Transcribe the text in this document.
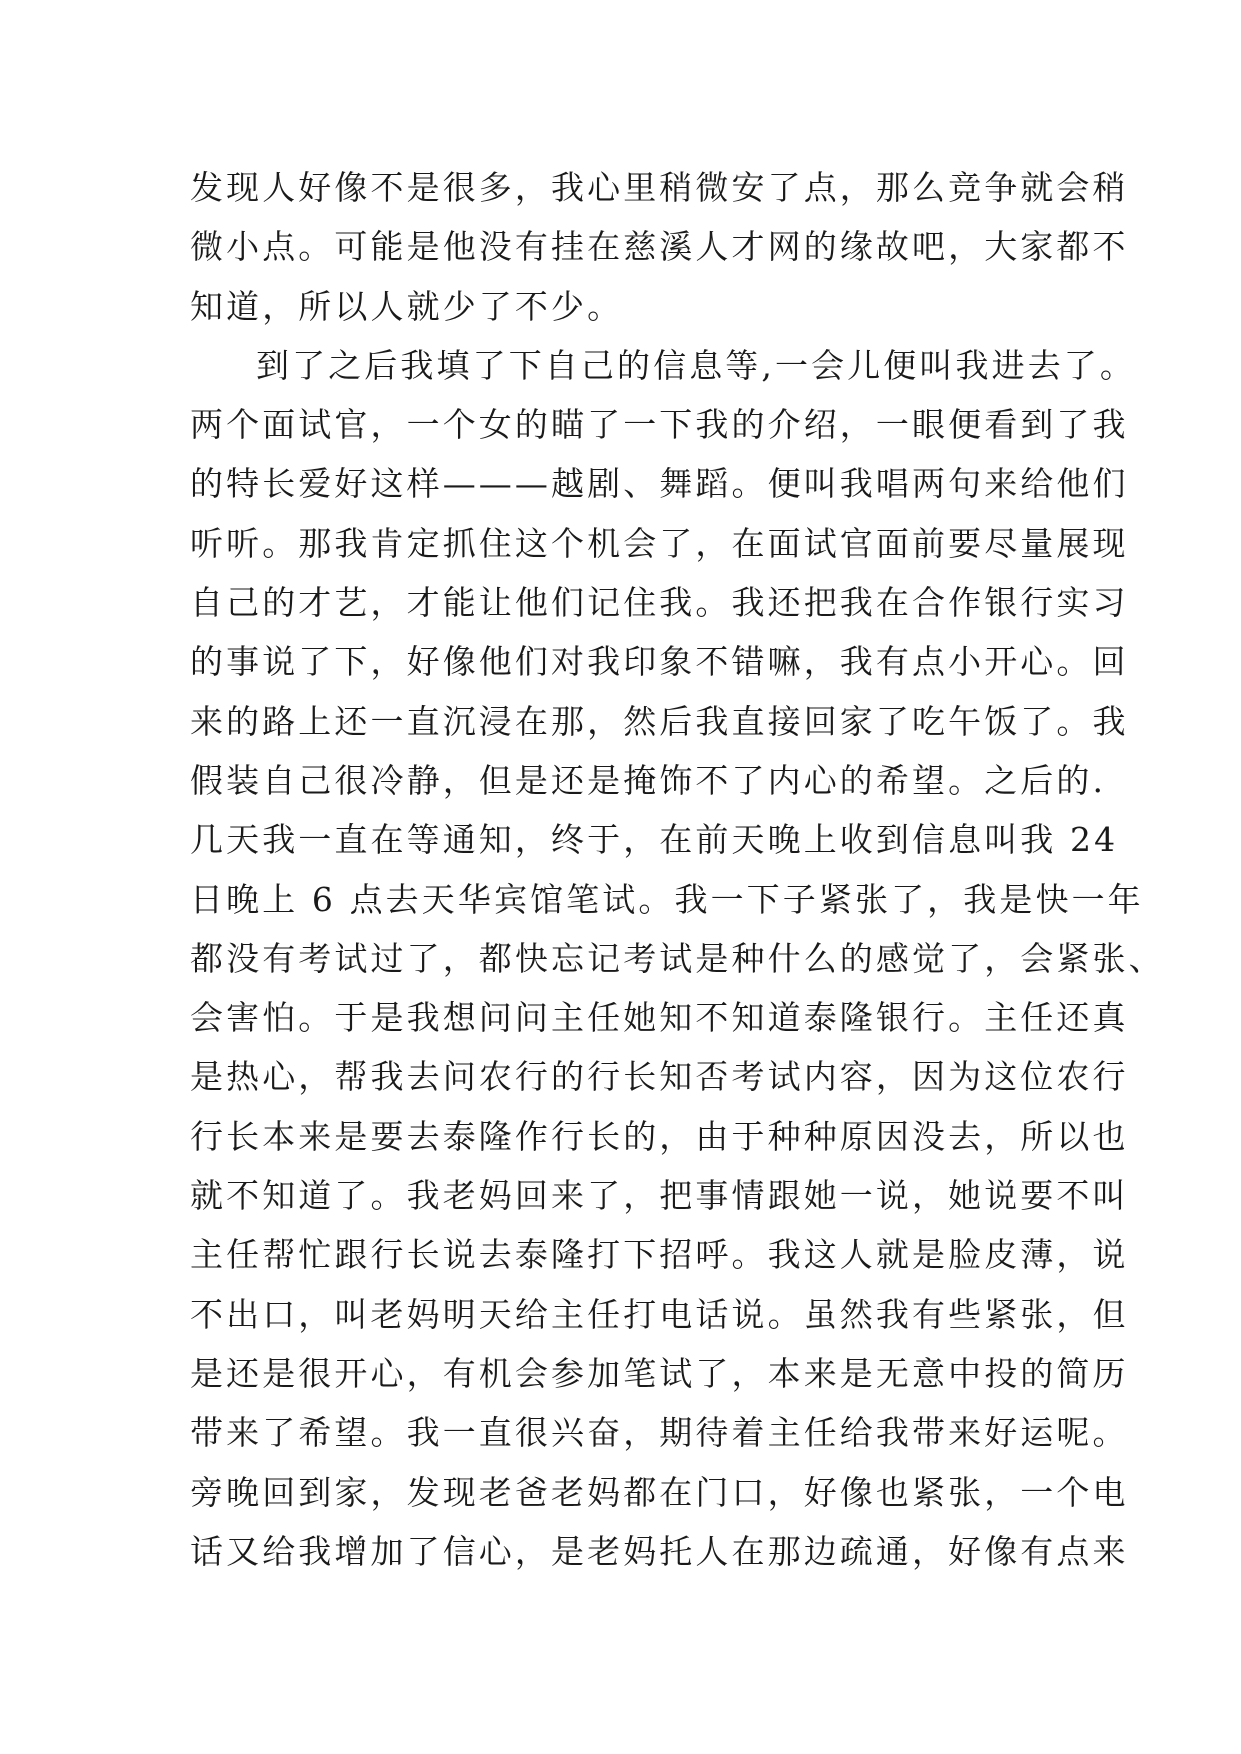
发现人好像不是很多，我心里稍微安了点，那么竞争就会稍
微小点。可能是他没有挂在慈溪人才网的缘故吧，大家都不
知道，所以人就少了不少。
到了之后我填了下自己的信息等,一会儿便叫我进去了。
两个面试官，一个女的瞄了一下我的介绍，一眼便看到了我
的特长爱好这样———越剧、舞蹈。便叫我唱两句来给他们
听听。那我肯定抓住这个机会了，在面试官面前要尽量展现
自己的才艺，才能让他们记住我。我还把我在合作银行实习
的事说了下，好像他们对我印象不错嘛，我有点小开心。回
来的路上还一直沉浸在那，然后我直接回家了吃午饭了。我
假装自己很冷静，但是还是掩饰不了内心的希望。之后的.
几天我一直在等通知，终于，在前天晚上收到信息叫我 24
日晚上 6 点去天华宾馆笔试。我一下子紧张了，我是快一年
都没有考试过了，都快忘记考试是种什么的感觉了，会紧张、
会害怕。于是我想问问主任她知不知道泰隆银行。主任还真
是热心，帮我去问农行的行长知否考试内容，因为这位农行
行长本来是要去泰隆作行长的，由于种种原因没去，所以也
就不知道了。我老妈回来了，把事情跟她一说，她说要不叫
主任帮忙跟行长说去泰隆打下招呼。我这人就是脸皮薄，说
不出口，叫老妈明天给主任打电话说。虽然我有些紧张，但
是还是很开心，有机会参加笔试了，本来是无意中投的简历
带来了希望。我一直很兴奋，期待着主任给我带来好运呢。
旁晚回到家，发现老爸老妈都在门口，好像也紧张，一个电
话又给我增加了信心，是老妈托人在那边疏通，好像有点来
